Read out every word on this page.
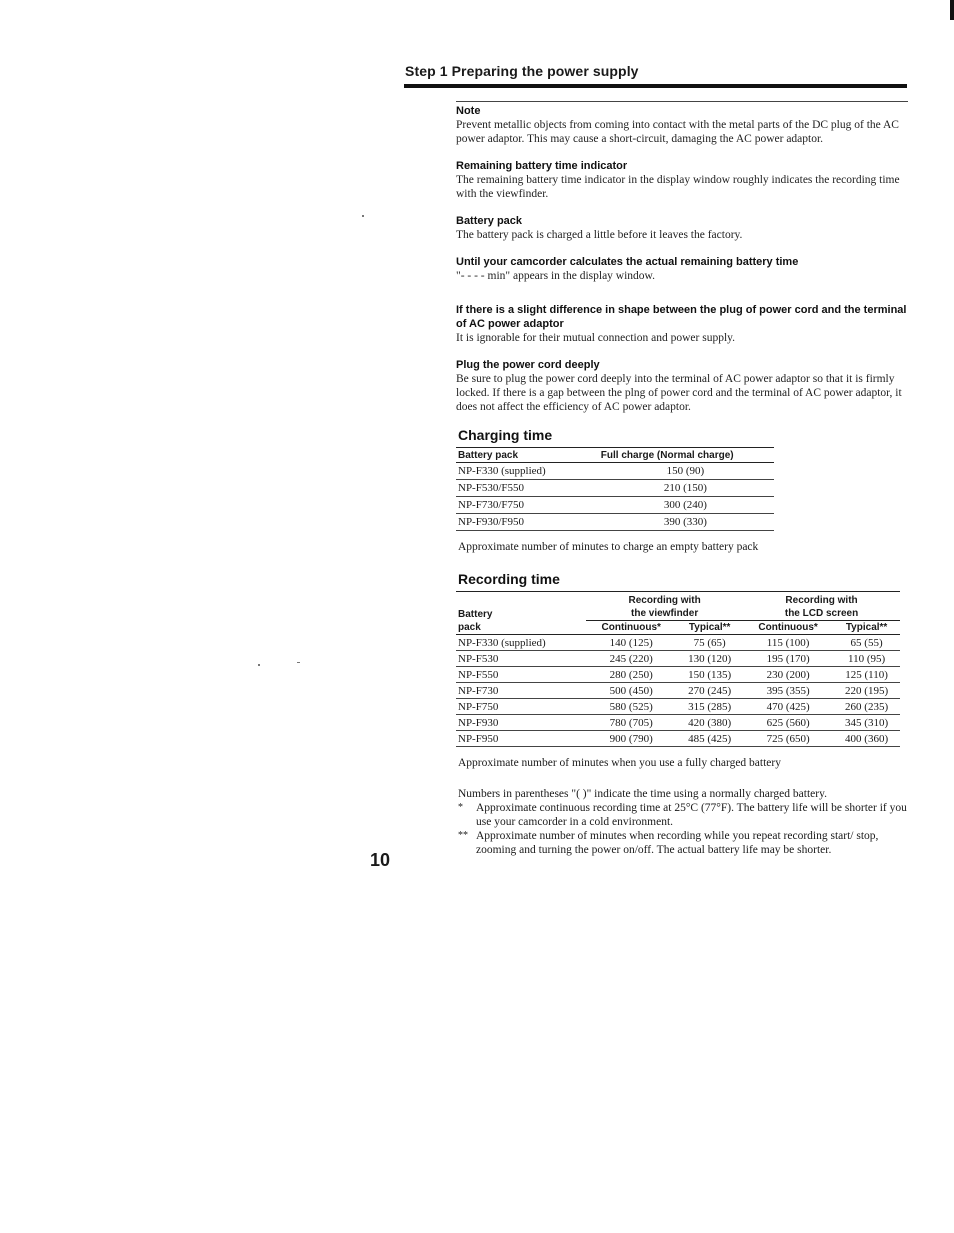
Step 1 Preparing the power supply
Note
Prevent metallic objects from coming into contact with the metal parts of the DC plug of the AC power adaptor. This may cause a short-circuit, damaging the AC power adaptor.
Remaining battery time indicator
The remaining battery time indicator in the display window roughly indicates the recording time with the viewfinder.
Battery pack
The battery pack is charged a little before it leaves the factory.
Until your camcorder calculates the actual remaining battery time
"- - - - min" appears in the display window.
If there is a slight difference in shape between the plug of power cord and the terminal of AC power adaptor
It is ignorable for their mutual connection and power supply.
Plug the power cord deeply
Be sure to plug the power cord deeply into the terminal of AC power adaptor so that it is firmly locked. If there is a gap between the plng of power cord and the terminal of AC power adaptor, it does not affect the efficiency of AC power adaptor.
Charging time
Battery pack	Full charge (Normal charge)
NP-F330 (supplied)	150 (90)
NP-F530/F550	210 (150)
NP-F730/F750	300 (240)
NP-F930/F950	390 (330)
Approximate number of minutes to charge an empty battery pack
Recording time
	Recording with		Recording with	
Battery	the viewfinder		the LCD screen	
pack	Continuous*	Typical**	Continuous*	Typical**
NP-F330 (supplied)	140 (125)	75 (65)	115 (100)	65 (55)
NP-F530	245 (220)	130 (120)	195 (170)	110 (95)
NP-F550	280 (250)	150 (135)	230 (200)	125 (110)
NP-F730	500 (450)	270 (245)	395 (355)	220 (195)
NP-F750	580 (525)	315 (285)	470 (425)	260 (235)
NP-F930	780 (705)	420 (380)	625 (560)	345 (310)
NP-F950	900 (790)	485 (425)	725 (650)	400 (360)
Approximate number of minutes when you use a fully charged battery
Numbers in parentheses "( )" indicate the time using a normally charged battery.
*	Approximate continuous recording time at 25°C (77°F). The battery life will be shorter if you use your camcorder in a cold environment.
** Approximate number of minutes when recording while you repeat recording start/ stop, zooming and turning the power on/off. The actual battery life may be shorter.
10
